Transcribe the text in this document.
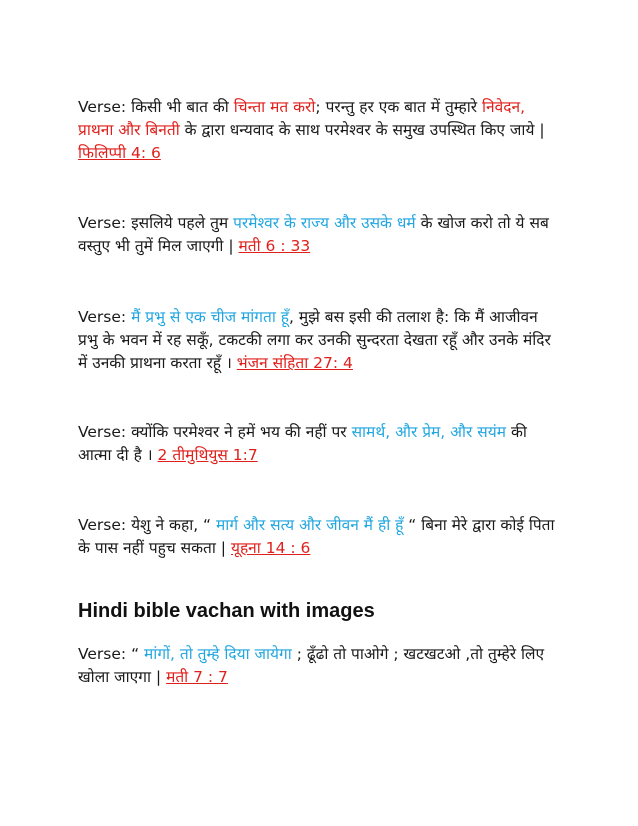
Verse: किसी भी बात की चिन्ता मत करो; परन्तु हर एक बात में तुम्हारे निवेदन, प्राथना और बिनती के द्वारा धन्यवाद के साथ परमेश्वर के समुख उपस्थित किए जाये | फिलिप्पी 4: 6

Verse: इसलिये पहले तुम परमेश्वर के राज्य और उसके धर्म के खोज करो तो ये सब वस्तुए भी तुमें मिल जाएगी | मती 6 : 33

Verse: मैं प्रभु से एक चीज मांगता हूँ, मुझे बस इसी की तलाश है: कि मैं आजीवन प्रभु के भवन में रह सकूँ, टकटकी लगा कर उनकी सुन्दरता देखता रहूँ और उनके मंदिर में उनकी प्राथना करता रहूँ । भंजन संहिता 27: 4

Verse: क्योंकि परमेश्वर ने हमें भय की नहीं पर सामर्थ, और प्रेम, और सयंम की आत्मा दी है । 2 तीमुथियुस 1:7

Verse: येशु ने कहा, “ मार्ग और सत्य और जीवन मैं ही हूँ “ बिना मेरे द्वारा कोई पिता के पास नहीं पहुच सकता | यूहना 14 : 6

Hindi bible vachan with images

Verse: “ मांगों, तो तुम्हे दिया जायेगा ; ढूँढो तो पाओगे ; खटखटओ ,तो तुम्हेरे लिए खोला जाएगा | मती 7 : 7
